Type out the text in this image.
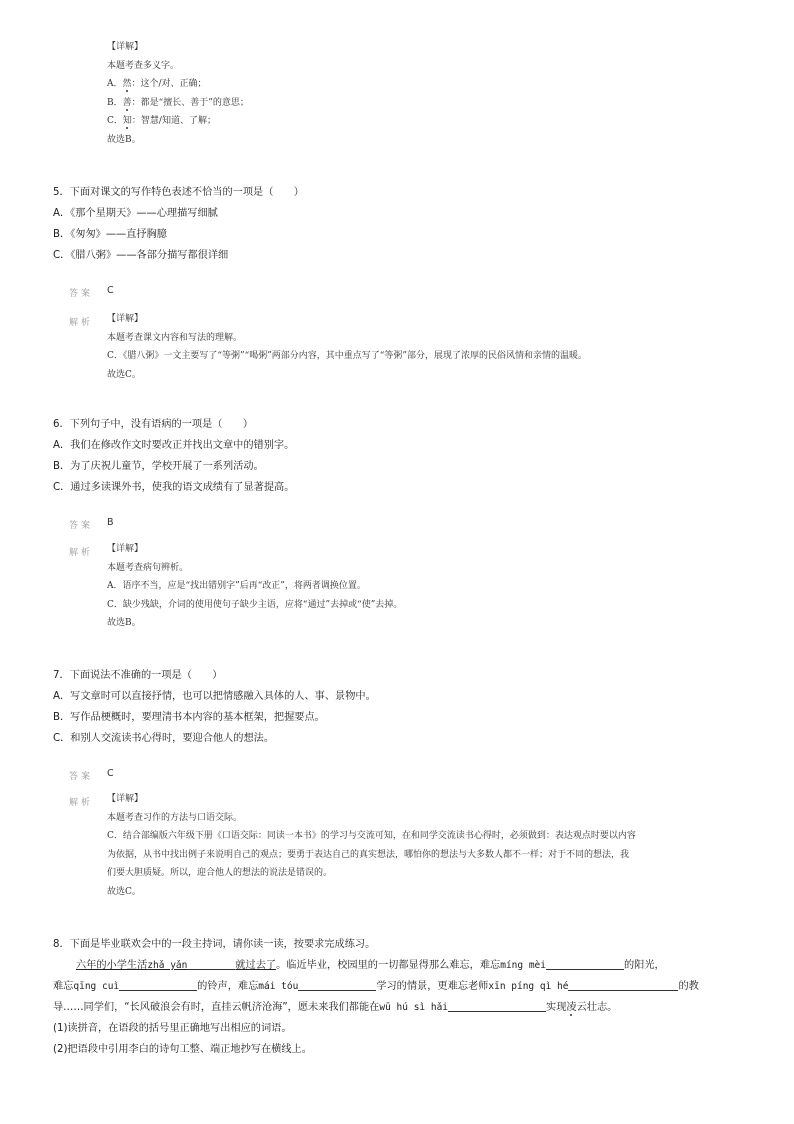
【详解】
本题考查多义字。
A．然：这个/对、正确；
B．善：都是“擅长、善于”的意思；
C．知：智慧/知道、了解；
故选B。
5．下面对课文的写作特色表述不恰当的一项是（　　）
A．《那个星期天》——心理描写细腻
B．《匆匆》——直抒胸臆
C．《腊八粥》——各部分描写都很详细
答案 C
解析 【详解】
本题考查课文内容和写法的理解。
C．《腊八粥》一文主要写了“等粥”“喝粥”两部分内容，其中重点写了“等粥”部分，展现了浓厚的民俗风情和亲情的温暖。
故选C。
6．下列句子中，没有语病的一项是（　　）
A．我们在修改作文时要改正并找出文章中的错别字。
B．为了庆祝儿童节，学校开展了一系列活动。
C．通过多读课外书，使我的语文成绩有了显著提高。
答案 B
解析 【详解】
本题考查病句辨析。
A．语序不当，应是“找出错别字”后再“改正”，将两者调换位置。
C．缺少残缺，介词的使用使句子缺少主语，应将“通过”去掉或“使”去掉。
故选B。
7．下面说法不准确的一项是（　　）
A．写文章时可以直接抒情，也可以把情感融入具体的人、事、景物中。
B．写作品梗概时，要理清书本内容的基本框架，把握要点。
C．和别人交流读书心得时，要迎合他人的想法。
答案 C
解析 【详解】
本题考查习作的方法与口语交际。
C．结合部编版六年级下册《口语交际：同读一本书》的学习与交流可知，在和同学交流读书心得时，必须做到：表达观点时要以内容
为依据，从书中找出例子来说明自己的观点；要勇于表达自己的真实想法，哪怕你的想法与大多数人都不一样；对于不同的想法，我
们要大胆质疑。所以，迎合他人的想法的说法是错误的。
故选C。
8．下面是毕业联欢会中的一段主持词，请你读一读，按要求完成练习。
六年的小学生活zhǎ yǎn	就过去了。临近毕业，校园里的一切都显得那么难忘，难忘míng mèi	的阳光，
难忘qīng cuì	的铃声，难忘mái tóu	学习的情景，更难忘老师xīn píng qì hé	的教
导……同学们，“长风破浪会有时，直挂云帆济沧海”，愿未来我们都能在wū hú sì hǎi	实现凌云壮志。
(1)读拼音，在语段的括号里正确地写出相应的词语。
(2)把语段中引用李白的诗句工整、端正地抄写在横线上。
